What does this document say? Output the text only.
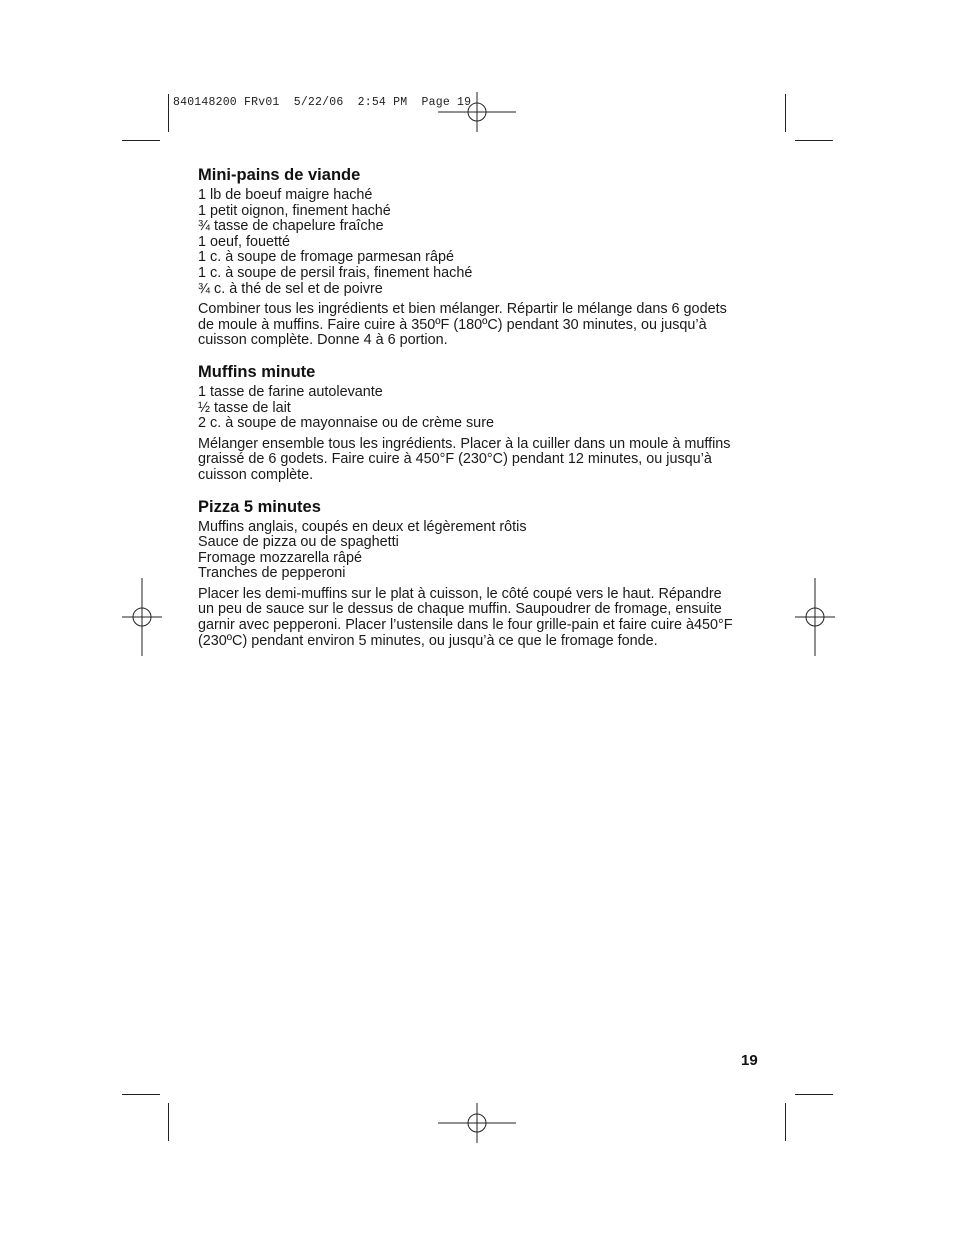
840148200 FRv01  5/22/06  2:54 PM  Page 19
Mini-pains de viande
1 lb de boeuf maigre haché
1 petit oignon, finement haché
¾ tasse de chapelure fraîche
1 oeuf, fouetté
1 c. à soupe de fromage parmesan râpé
1 c. à soupe de persil frais, finement haché
¾ c. à thé de sel et de poivre

Combiner tous les ingrédients et bien mélanger. Répartir le mélange dans 6 godets
de moule à muffins. Faire cuire à 350ºF (180ºC) pendant 30 minutes, ou jusqu’à
cuisson complète. Donne 4 à 6 portion.

Muffins minute
1 tasse de farine autolevante
½ tasse de lait
2 c. à soupe de mayonnaise ou de crème sure

Mélanger ensemble tous les ingrédients. Placer à la cuiller dans un moule à muffins
graissé de 6 godets. Faire cuire à 450°F (230°C) pendant 12 minutes, ou jusqu’à
cuisson complète.

Pizza 5 minutes
Muffins anglais, coupés en deux et légèrement rôtis
Sauce de pizza ou de spaghetti
Fromage mozzarella râpé
Tranches de pepperoni

Placer les demi-muffins sur le plat à cuisson, le côté coupé vers le haut. Répandre
un peu de sauce sur le dessus de chaque muffin. Saupoudrer de fromage, ensuite
garnir avec pepperoni. Placer l’ustensile dans le four grille-pain et faire cuire à450°F
(230ºC) pendant environ 5 minutes, ou jusqu’à ce que le fromage fonde.

19
